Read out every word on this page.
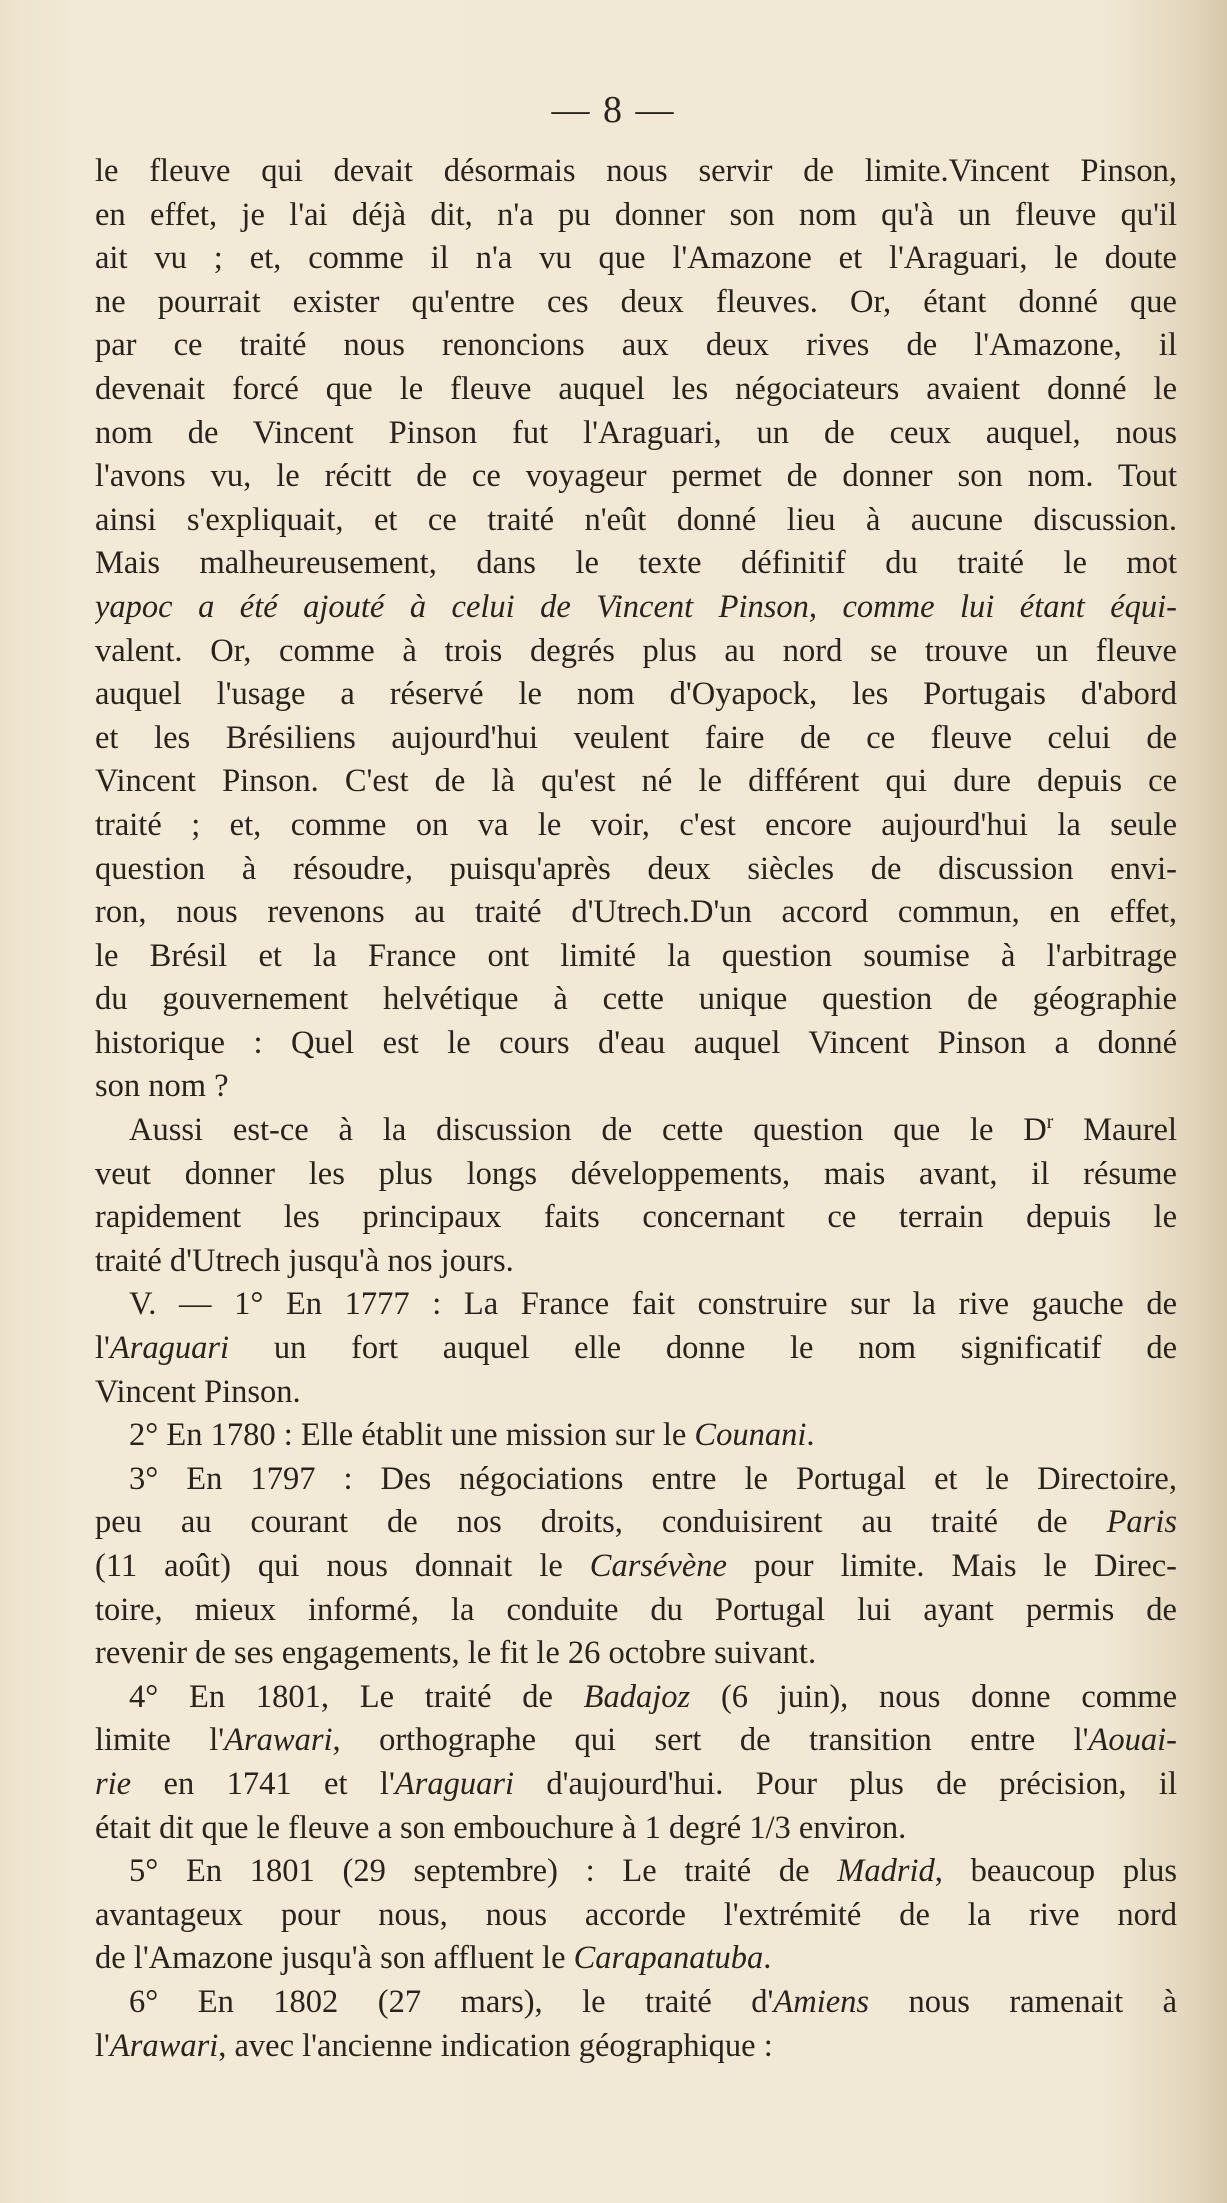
— 8 —

le fleuve qui devait désormais nous servir de limite.Vincent Pinson,

en effet, je l'ai déjà dit, n'a pu donner son nom qu'à un fleuve qu'il

ait vu ; et, comme il n'a vu que l'Amazone et l'Araguari, le doute

ne pourrait exister qu'entre ces deux fleuves. Or, étant donné que

par ce traité nous renoncions aux deux rives de l'Amazone, il

devenait forcé que le fleuve auquel les négociateurs avaient donné le

nom de Vincent Pinson fut l'Araguari, un de ceux auquel, nous

l'avons vu, le récitt de ce voyageur permet de donner son nom. Tout

ainsi s'expliquait, et ce traité n'eût donné lieu à aucune discussion.

Mais malheureusement, dans le texte définitif du traité le mot

yapoc a été ajouté à celui de Vincent Pinson, comme lui étant équi-

valent. Or, comme à trois degrés plus au nord se trouve un fleuve

auquel l'usage a réservé le nom d'Oyapock, les Portugais d'abord

et les Brésiliens aujourd'hui veulent faire de ce fleuve celui de

Vincent Pinson. C'est de là qu'est né le différent qui dure depuis ce

traité ; et, comme on va le voir, c'est encore aujourd'hui la seule

question à résoudre, puisqu'après deux siècles de discussion envi-

ron, nous revenons au traité d'Utrech.D'un accord commun, en effet,

le Brésil et la France ont limité la question soumise à l'arbitrage

du gouvernement helvétique à cette unique question de géographie

historique : Quel est le cours d'eau auquel Vincent Pinson a donné

son nom ?

Aussi est-ce à la discussion de cette question que le $D^r$ Maurel

veut donner les plus longs développements, mais avant, il résume

rapidement les principaux faits concernant ce terrain depuis le

traité d'Utrech jusqu'à nos jours.

V. — 1° En 1777 : La France fait construire sur la rive gauche de

l'Araguari un fort auquel elle donne le nom significatif de

Vincent Pinson.

2° En 1780 : Elle établit une mission sur le Counani.

3° En 1797 : Des négociations entre le Portugal et le Directoire,

peu au courant de nos droits, conduisirent au traité de Paris

(11 août) qui nous donnait le Carsévène pour limite. Mais le Direc-

toire, mieux informé, la conduite du Portugal lui ayant permis de

revenir de ses engagements, le fit le 26 octobre suivant.

4° En 1801, Le traité de Badajoz (6 juin), nous donne comme

limite l'Arawari, orthographe qui sert de transition entre l'Aouai-

rie en 1741 et l'Araguari d'aujourd'hui. Pour plus de précision, il

était dit que le fleuve a son embouchure à 1 degré 1/3 environ.

5° En 1801 (29 septembre) : Le traité de Madrid, beaucoup plus

avantageux pour nous, nous accorde l'extrémité de la rive nord

de l'Amazone jusqu'à son affluent le Carapanatuba.

6° En 1802 (27 mars), le traité d'Amiens nous ramenait à

l'Arawari, avec l'ancienne indication géographique :
